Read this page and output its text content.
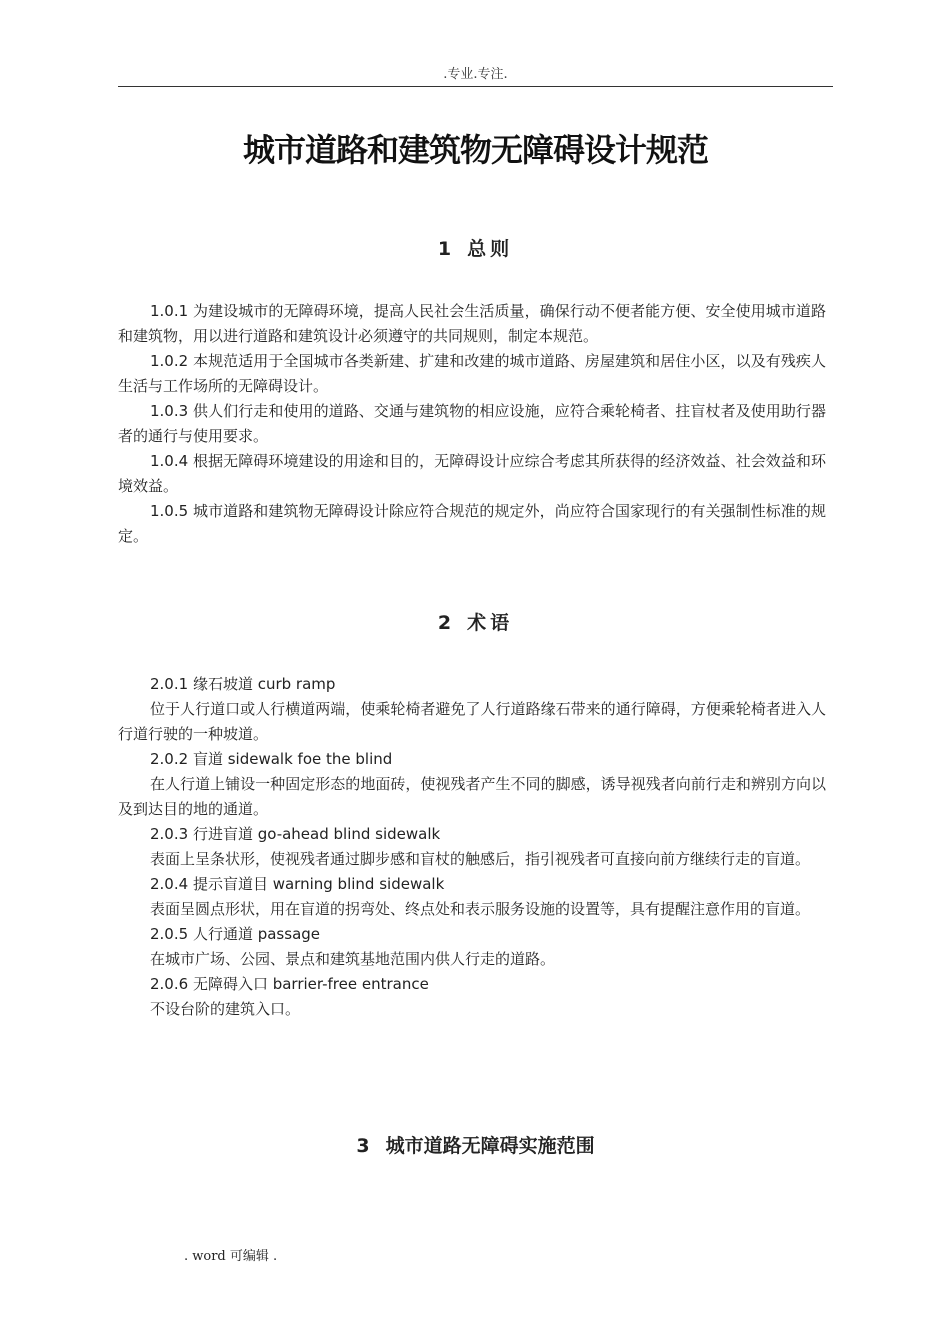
.专业.专注.
城市道路和建筑物无障碍设计规范
1 总则

1.0.1 为建设城市的无障碍环境，提高人民社会生活质量，确保行动不便者能方便、安全使用城市道路和建筑物，用以进行道路和建筑设计必须遵守的共同规则，制定本规范。

1.0.2 本规范适用于全国城市各类新建、扩建和改建的城市道路、房屋建筑和居住小区，以及有残疾人生活与工作场所的无障碍设计。

1.0.3 供人们行走和使用的道路、交通与建筑物的相应设施，应符合乘轮椅者、拄盲杖者及使用助行器者的通行与使用要求。

1.0.4 根据无障碍环境建设的用途和目的，无障碍设计应综合考虑其所获得的经济效益、社会效益和环境效益。

1.0.5 城市道路和建筑物无障碍设计除应符合规范的规定外，尚应符合国家现行的有关强制性标准的规定。

2 术语

2.0.1 缘石坡道 curb ramp

位于人行道口或人行横道两端，使乘轮椅者避免了人行道路缘石带来的通行障碍，方便乘轮椅者进入人行道行驶的一种坡道。

2.0.2 盲道 sidewalk foe the blind

在人行道上铺设一种固定形态的地面砖，使视残者产生不同的脚感，诱导视残者向前行走和辨别方向以及到达目的地的通道。

2.0.3 行进盲道 go-ahead blind sidewalk

表面上呈条状形，使视残者通过脚步感和盲杖的触感后，指引视残者可直接向前方继续行走的盲道。

2.0.4 提示盲道目 warning blind sidewalk

表面呈圆点形状，用在盲道的拐弯处、终点处和表示服务设施的设置等，具有提醒注意作用的盲道。

2.0.5 人行通道 passage

在城市广场、公园、景点和建筑基地范围内供人行走的道路。

2.0.6 无障碍入口 barrier-free entrance

不设台阶的建筑入口。

3 城市道路无障碍实施范围
. word 可编辑 .
